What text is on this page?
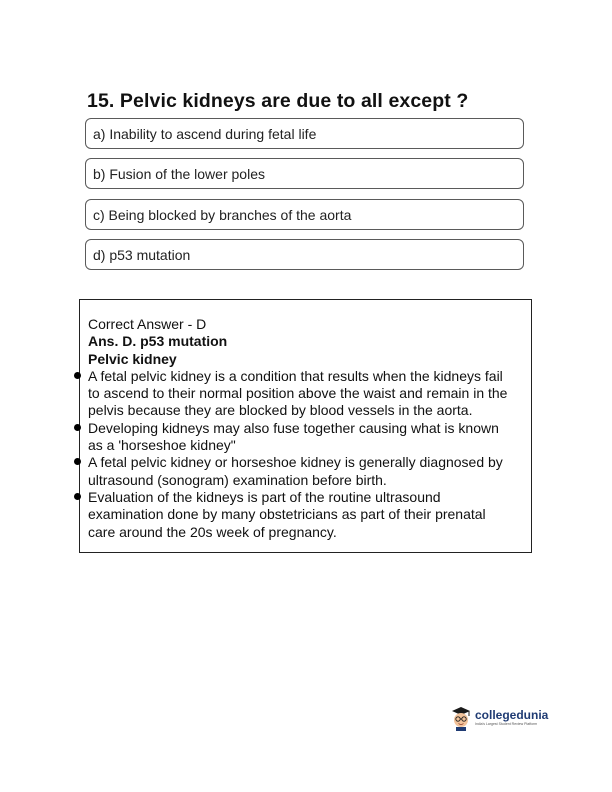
15. Pelvic kidneys are due to all except ?
a) Inability to ascend during fetal life
b) Fusion of the lower poles
c) Being blocked by branches of the aorta
d) p53 mutation
Correct Answer - D
Ans. D. p53 mutation
Pelvic kidney
A fetal pelvic kidney is a condition that results when the kidneys fail
to ascend to their normal position above the waist and remain in the
pelvis because they are blocked by blood vessels in the aorta.
Developing kidneys may also fuse together causing what is known
as a 'horseshoe kidney"
A fetal pelvic kidney or horseshoe kidney is generally diagnosed by
ultrasound (sonogram) examination before birth.
Evaluation of the kidneys is part of the routine ultrasound
examination done by many obstetricians as part of their prenatal
care around the 20s week of pregnancy.
collegedunia
India's Largest Student Review Platform
